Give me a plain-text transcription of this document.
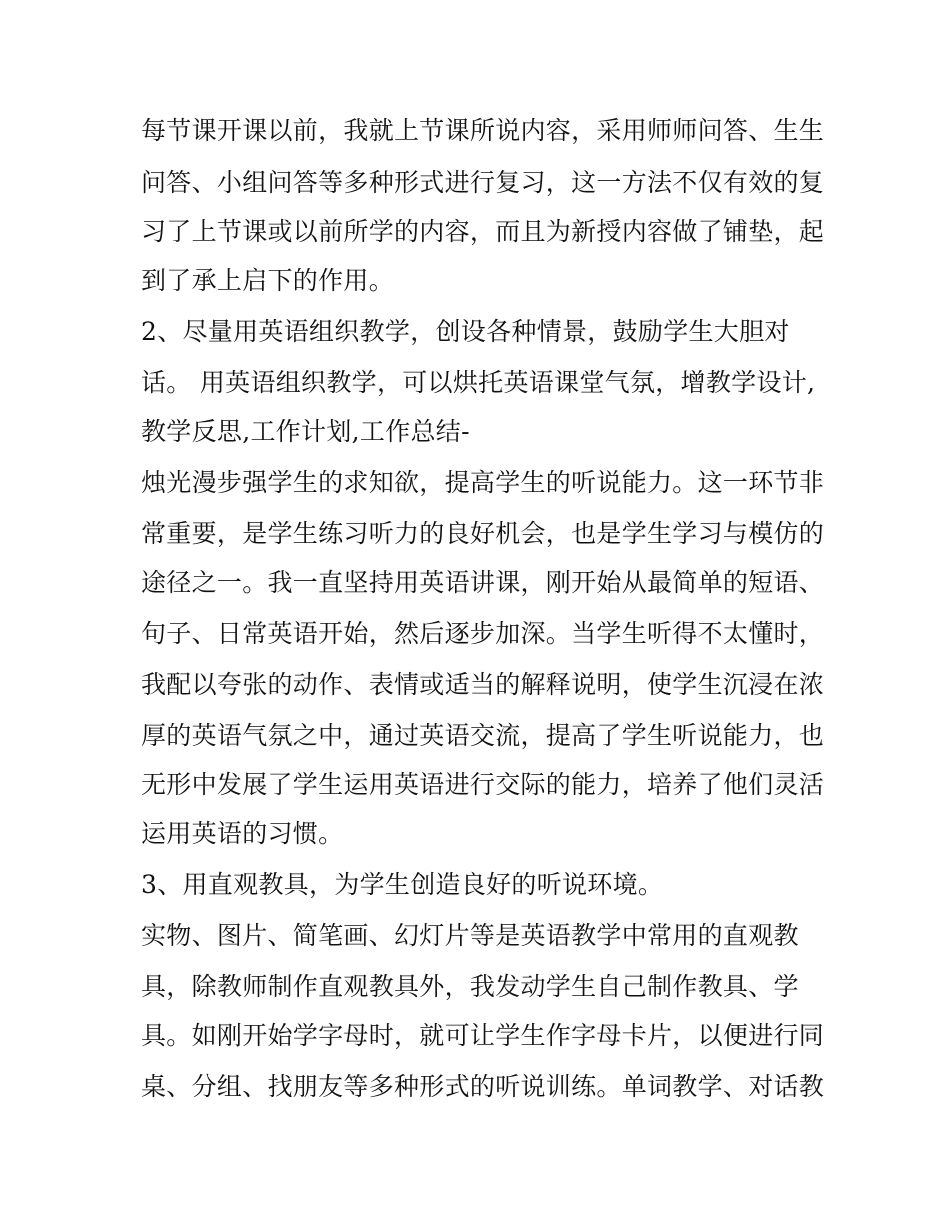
每节课开课以前，我就上节课所说内容，采用师师问答、生生
问答、小组问答等多种形式进行复习，这一方法不仅有效的复
习了上节课或以前所学的内容，而且为新授内容做了铺垫，起
到了承上启下的作用。
2、尽量用英语组织教学，创设各种情景，鼓励学生大胆对
话。 用英语组织教学，可以烘托英语课堂气氛，增教学设计,
教学反思,工作计划,工作总结-
烛光漫步强学生的求知欲，提高学生的听说能力。这一环节非
常重要，是学生练习听力的良好机会，也是学生学习与模仿的
途径之一。我一直坚持用英语讲课，刚开始从最简单的短语、
句子、日常英语开始，然后逐步加深。当学生听得不太懂时，
我配以夸张的动作、表情或适当的解释说明，使学生沉浸在浓
厚的英语气氛之中，通过英语交流，提高了学生听说能力，也
无形中发展了学生运用英语进行交际的能力，培养了他们灵活
运用英语的习惯。
3、用直观教具，为学生创造良好的听说环境。
实物、图片、简笔画、幻灯片等是英语教学中常用的直观教
具，除教师制作直观教具外，我发动学生自己制作教具、学
具。如刚开始学字母时，就可让学生作字母卡片，以便进行同
桌、分组、找朋友等多种形式的听说训练。单词教学、对话教
